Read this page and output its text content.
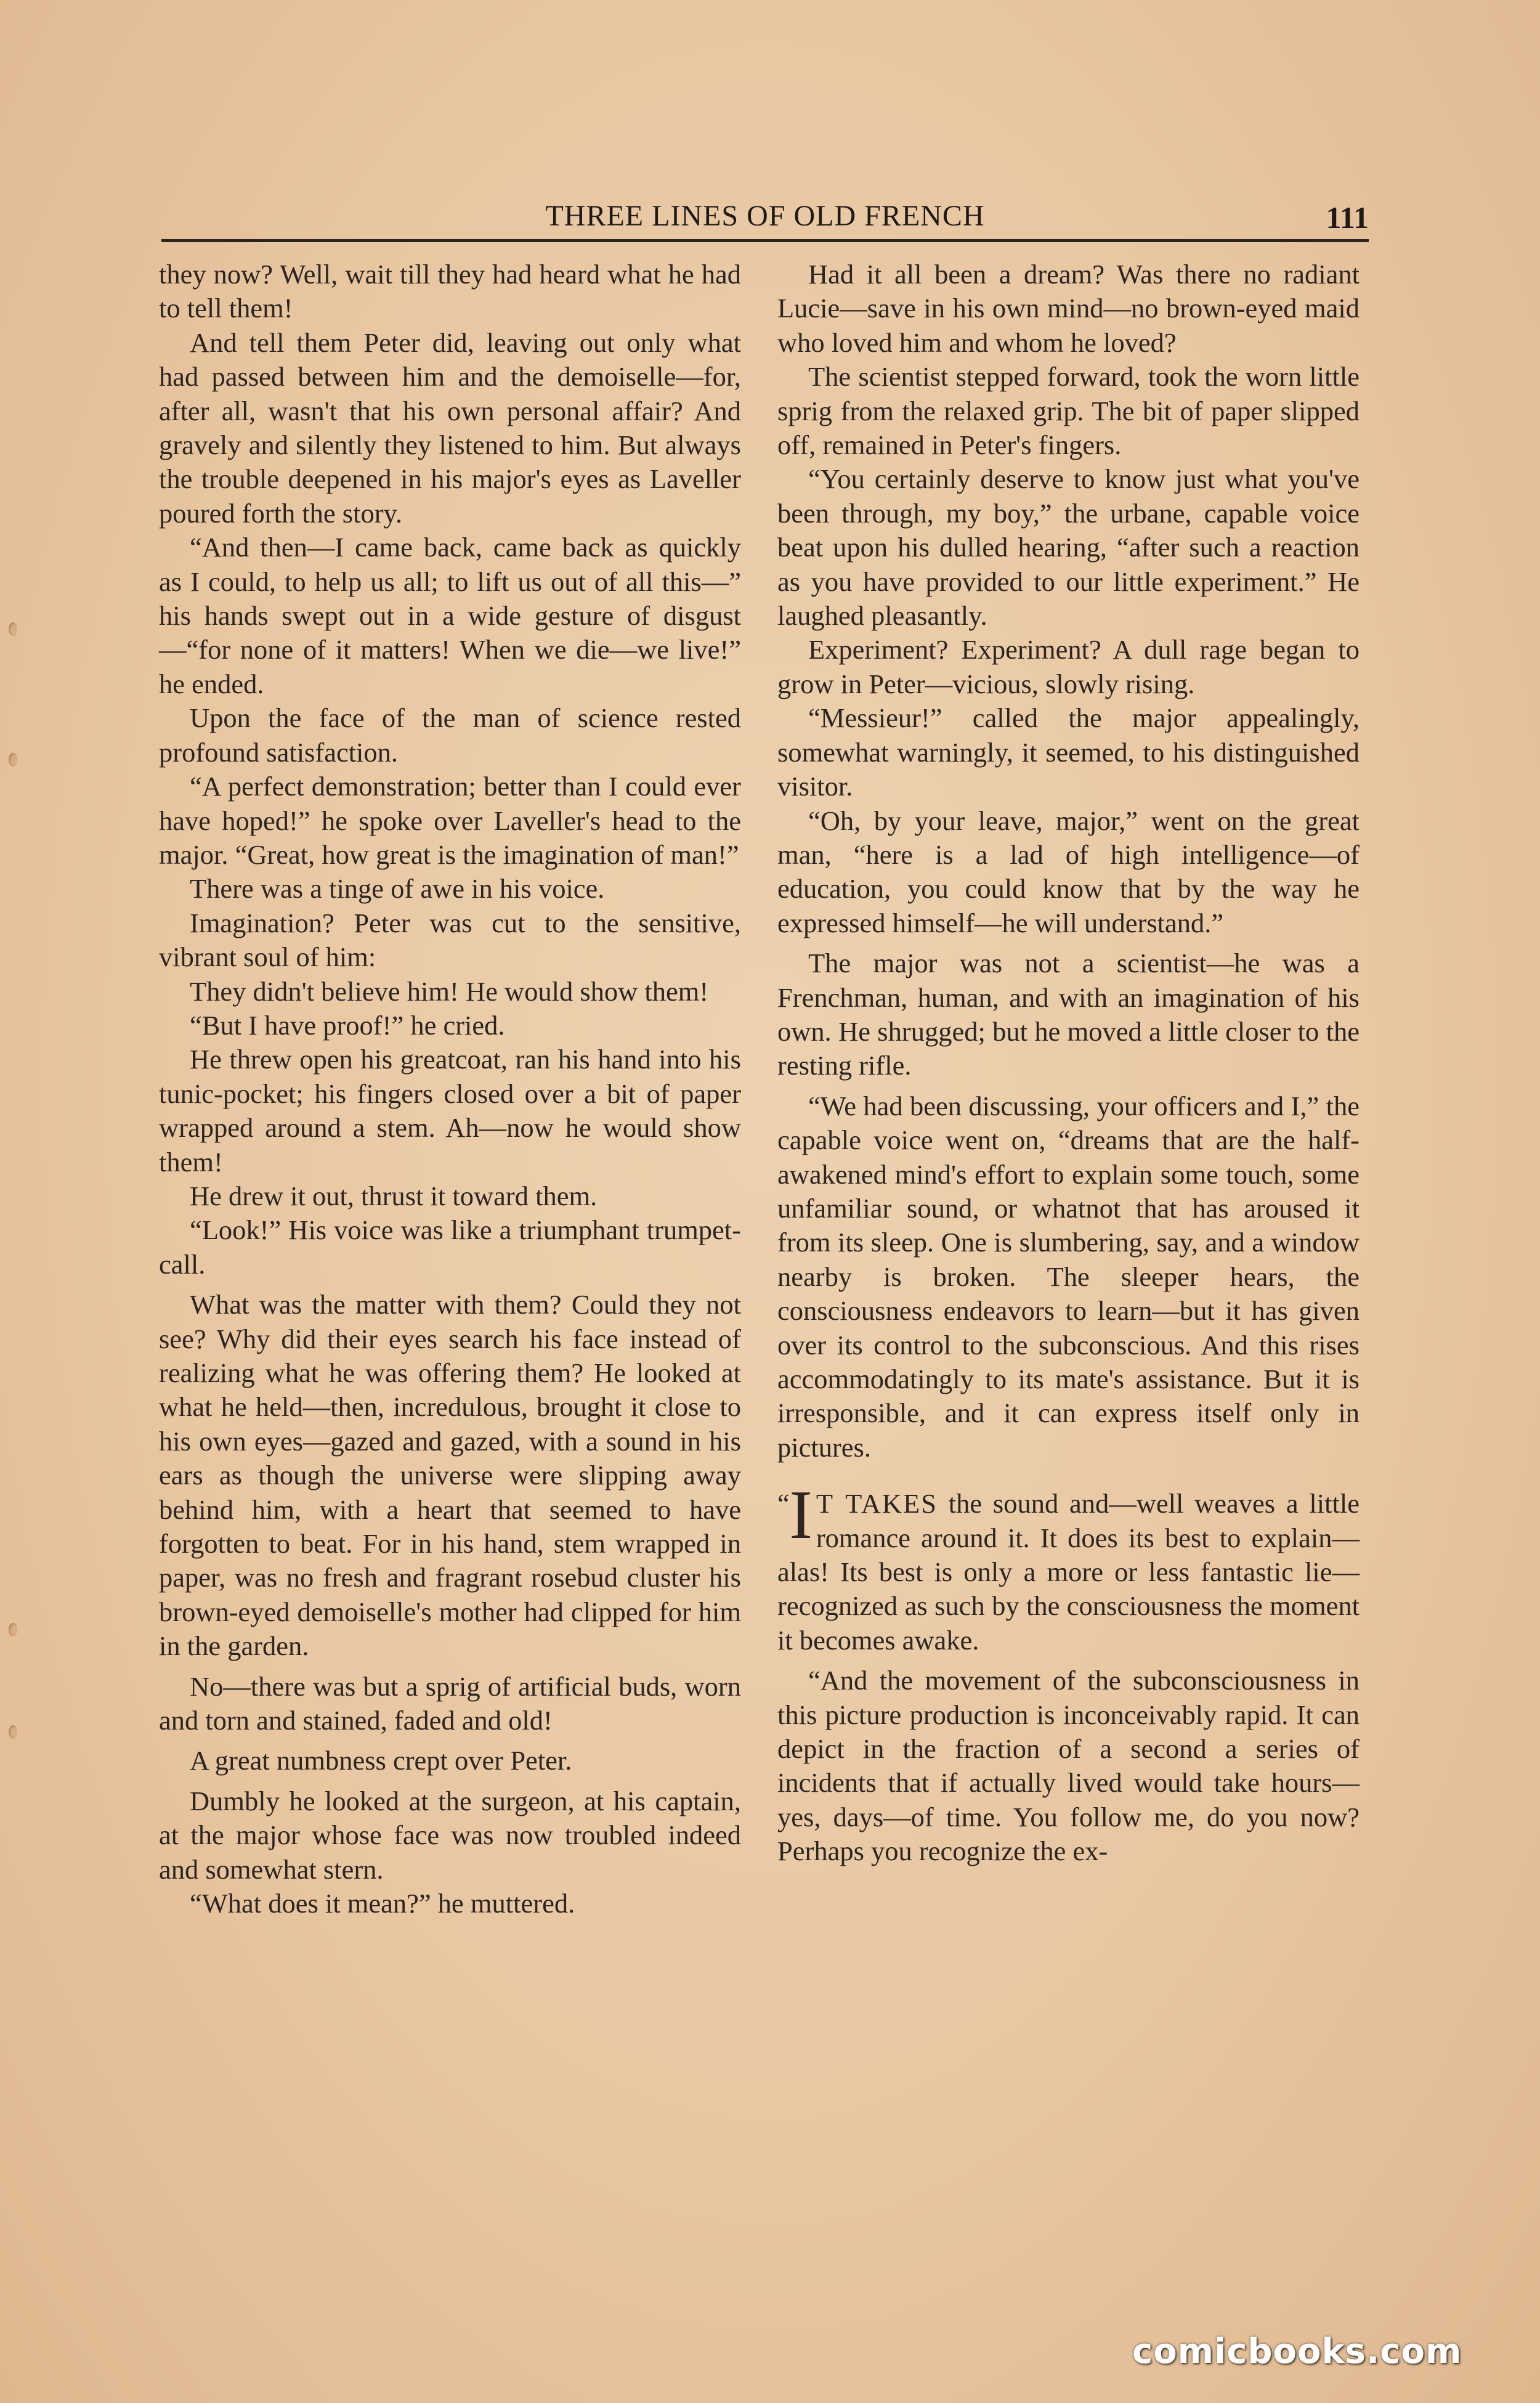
THREE LINES OF OLD FRENCH	111

they now? Well, wait till they had heard what he had to tell them!

And tell them Peter did, leaving out only what had passed between him and the demoiselle—for, after all, wasn't that his own personal affair? And gravely and silently they listened to him. But always the trouble deepened in his major's eyes as Laveller poured forth the story.

“And then—I came back, came back as quickly as I could, to help us all; to lift us out of all this—” his hands swept out in a wide gesture of disgust—“for none of it matters! When we die—we live!” he ended.

Upon the face of the man of science rested profound satisfaction.

“A perfect demonstration; better than I could ever have hoped!” he spoke over Laveller's head to the major. “Great, how great is the imagination of man!”

There was a tinge of awe in his voice.

Imagination? Peter was cut to the sensitive, vibrant soul of him:

They didn't believe him! He would show them!

“But I have proof!” he cried.

He threw open his greatcoat, ran his hand into his tunic-pocket; his fingers closed over a bit of paper wrapped around a stem. Ah—now he would show them!

He drew it out, thrust it toward them.

“Look!” His voice was like a triumphant trumpet-call.

What was the matter with them? Could they not see? Why did their eyes search his face instead of realizing what he was offering them? He looked at what he held—then, incredulous, brought it close to his own eyes—gazed and gazed, with a sound in his ears as though the universe were slipping away behind him, with a heart that seemed to have forgotten to beat. For in his hand, stem wrapped in paper, was no fresh and fragrant rosebud cluster his brown-eyed demoiselle's mother had clipped for him in the garden.

No—there was but a sprig of artificial buds, worn and torn and stained, faded and old!

A great numbness crept over Peter.

Dumbly he looked at the surgeon, at his captain, at the major whose face was now troubled indeed and somewhat stern.

“What does it mean?” he muttered.

Had it all been a dream? Was there no radiant Lucie—save in his own mind—no brown-eyed maid who loved him and whom he loved?

The scientist stepped forward, took the worn little sprig from the relaxed grip. The bit of paper slipped off, remained in Peter's fingers.

“You certainly deserve to know just what you've been through, my boy,” the urbane, capable voice beat upon his dulled hearing, “after such a reaction as you have provided to our little experiment.” He laughed pleasantly.

Experiment? Experiment? A dull rage began to grow in Peter—vicious, slowly rising.

“Messieur!” called the major appealingly, somewhat warningly, it seemed, to his distinguished visitor.

“Oh, by your leave, major,” went on the great man, “here is a lad of high intelligence—of education, you could know that by the way he expressed himself—he will understand.”

The major was not a scientist—he was a Frenchman, human, and with an imagination of his own. He shrugged; but he moved a little closer to the resting rifle.

“We had been discussing, your officers and I,” the capable voice went on, “dreams that are the half-awakened mind's effort to explain some touch, some unfamiliar sound, or whatnot that has aroused it from its sleep. One is slumbering, say, and a window nearby is broken. The sleeper hears, the consciousness endeavors to learn—but it has given over its control to the subconscious. And this rises accommodatingly to its mate's assistance. But it is irresponsible, and it can express itself only in pictures.

“ I T TAKES the sound and—well weaves a little romance around it. It does its best to explain—alas! Its best is only a more or less fantastic lie—recognized as such by the consciousness the moment it becomes awake.

“And the movement of the subconsciousness in this picture production is inconceivably rapid. It can depict in the fraction of a second a series of incidents that if actually lived would take hours—yes, days—of time. You follow me, do you now? Perhaps you recognize the ex-

comicbooks.com
